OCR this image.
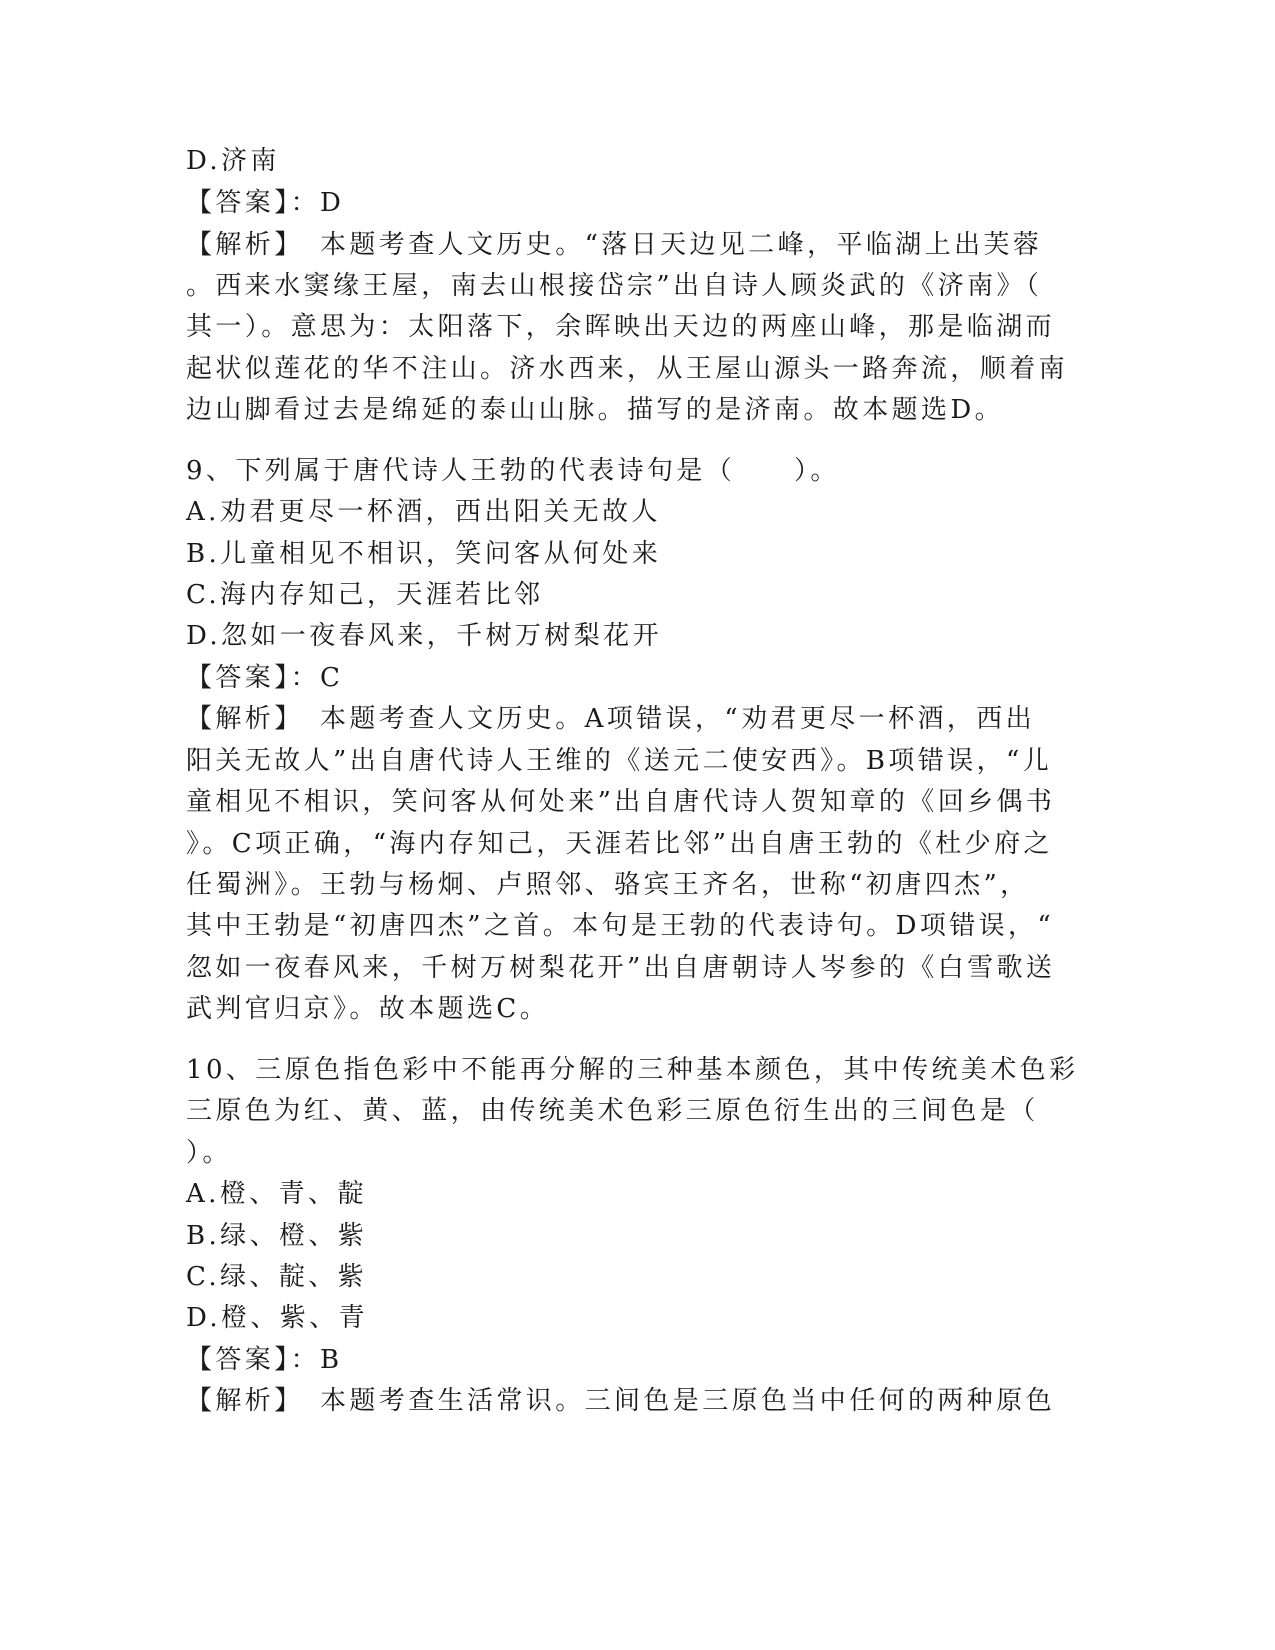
D.济南
【答案】：D
【解析】　本题考查人文历史。“落日天边见二峰，平临湖上出芙蓉
。西来水窦缘王屋，南去山根接岱宗”出自诗人顾炎武的《济南》（
其一）。意思为：太阳落下，余晖映出天边的两座山峰，那是临湖而
起状似莲花的华不注山。济水西来，从王屋山源头一路奔流，顺着南
边山脚看过去是绵延的泰山山脉。描写的是济南。故本题选D。
9、下列属于唐代诗人王勃的代表诗句是（　　）。
A.劝君更尽一杯酒，西出阳关无故人
B.儿童相见不相识，笑问客从何处来
C.海内存知己，天涯若比邻
D.忽如一夜春风来，千树万树梨花开
【答案】：C
【解析】　本题考查人文历史。A项错误，“劝君更尽一杯酒，西出
阳关无故人”出自唐代诗人王维的《送元二使安西》。B项错误，“儿
童相见不相识，笑问客从何处来”出自唐代诗人贺知章的《回乡偶书
》。C项正确，“海内存知己，天涯若比邻”出自唐王勃的《杜少府之
任蜀洲》。王勃与杨炯、卢照邻、骆宾王齐名，世称“初唐四杰”，
其中王勃是“初唐四杰”之首。本句是王勃的代表诗句。D项错误，“
忽如一夜春风来，千树万树梨花开”出自唐朝诗人岑参的《白雪歌送
武判官归京》。故本题选C。
10、三原色指色彩中不能再分解的三种基本颜色，其中传统美术色彩
三原色为红、黄、蓝，由传统美术色彩三原色衍生出的三间色是（
）。
A.橙、青、靛
B.绿、橙、紫
C.绿、靛、紫
D.橙、紫、青
【答案】：B
【解析】　本题考查生活常识。三间色是三原色当中任何的两种原色
